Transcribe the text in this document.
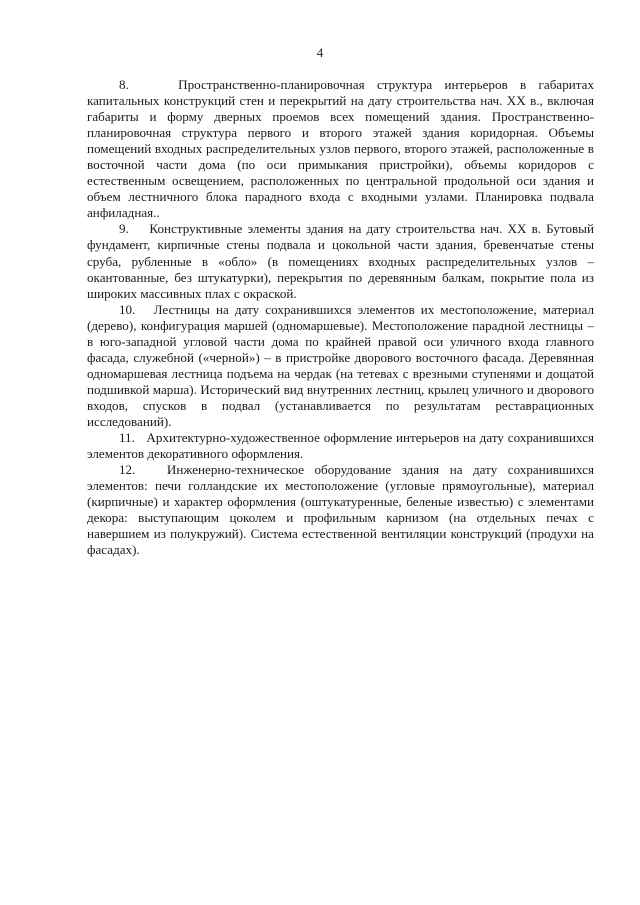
4

8.    Пространственно-планировочная структура интерьеров в габаритах капитальных конструкций стен и перекрытий на дату строительства нач. XX в., включая габариты и форму дверных проемов всех помещений здания. Пространственно-планировочная структура первого и второго этажей здания коридорная. Объемы помещений входных распределительных узлов первого, второго этажей, расположенные в восточной части дома (по оси примыкания пристройки), объемы коридоров с естественным освещением, расположенных по центральной продольной оси здания и объем лестничного блока парадного входа с входными узлами. Планировка подвала анфиладная..

9.    Конструктивные элементы здания на дату строительства нач. XX в. Бутовый фундамент, кирпичные стены подвала и цокольной части здания, бревенчатые стены сруба, рубленные в «обло» (в помещениях входных распределительных узлов – окантованные, без штукатурки), перекрытия по деревянным балкам, покрытие пола из широких массивных плах с окраской.

10.   Лестницы на дату сохранившихся элементов их местоположение, материал (дерево), конфигурация маршей (одномаршевые). Местоположение парадной лестницы – в юго-западной угловой части дома по крайней правой оси уличного входа главного фасада, служебной («черной») – в пристройке дворового восточного фасада. Деревянная одномаршевая лестница подъема на чердак (на тетевах с врезными ступенями и дощатой подшивкой марша). Исторический вид внутренних лестниц, крылец уличного и дворового входов, спусков в подвал (устанавливается по результатам реставрационных исследований).

11.   Архитектурно-художественное оформление интерьеров на дату сохранившихся элементов декоративного оформления.

12.   Инженерно-техническое оборудование здания на дату сохранившихся элементов: печи голландские их местоположение (угловые прямоугольные), материал (кирпичные) и характер оформления (оштукатуренные, беленые известью) с элементами декора: выступающим цоколем и профильным карнизом (на отдельных печах с навершием из полукружий). Система естественной вентиляции конструкций (продухи на фасадах).
